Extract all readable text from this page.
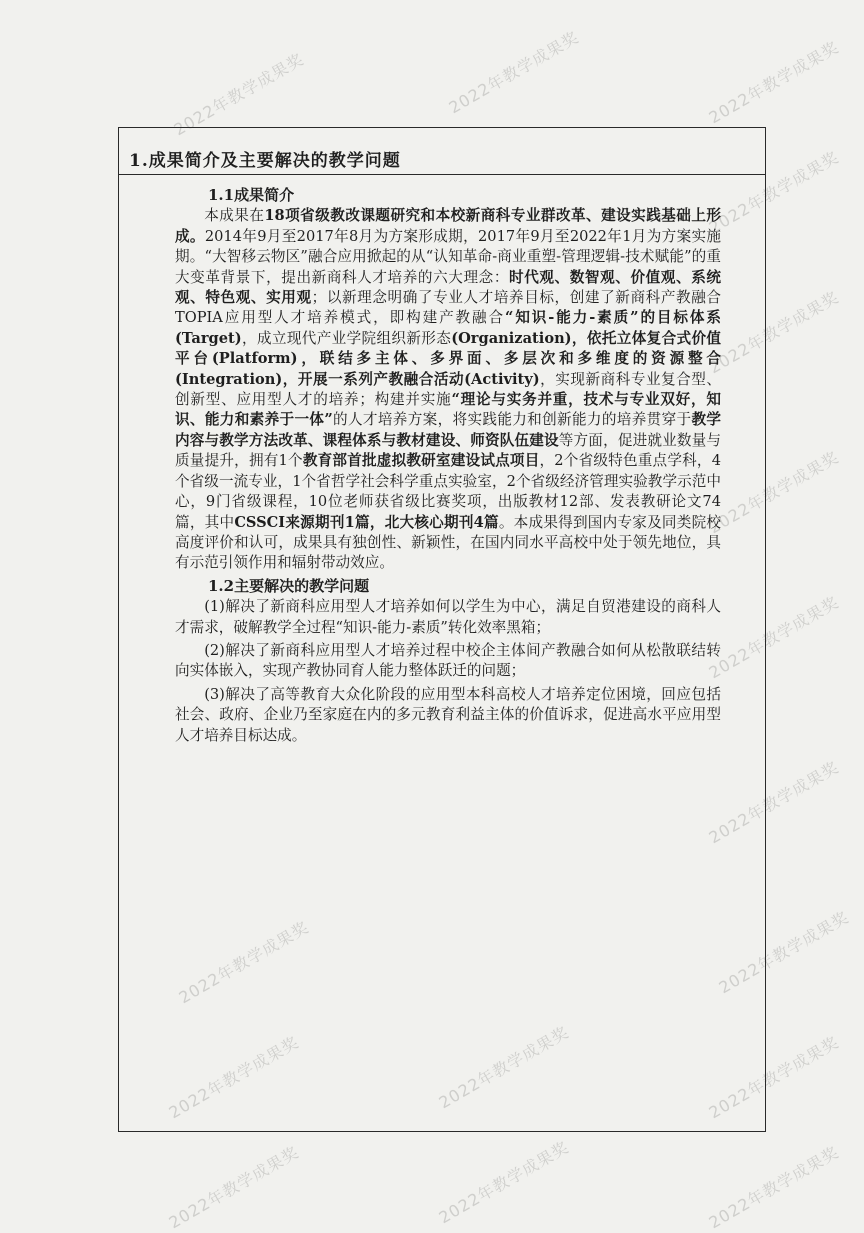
2022年教学成果奖	2022年教学成果奖	2022年教学成果奖
2022年教学成果奖
2022年教学成果奖
2022年教学成果奖
2022年教学成果奖
2022年教学成果奖
2022年教学成果奖	2022年教学成果奖
2022年教学成果奖	2022年教学成果奖	2022年教学成果奖
2022年教学成果奖	2022年教学成果奖	2022年教学成果奖
1.成果简介及主要解决的教学问题
1.1成果简介

本成果在18项省级教改课题研究和本校新商科专业群改革、建设实践基础上形成。2014年9月至2017年8月为方案形成期，2017年9月至2022年1月为方案实施期。“大智移云物区”融合应用掀起的从“认知革命-商业重塑-管理逻辑-技术赋能”的重大变革背景下，提出新商科人才培养的六大理念：时代观、数智观、价值观、系统观、特色观、实用观；以新理念明确了专业人才培养目标，创建了新商科产教融合 TOPIA应用型人才培养模式，即构建产教融合“知识-能力-素质”的目标体系(Target)，成立现代产业学院组织新形态(Organization)，依托立体复合式价值平台(Platform)，联结多主体、多界面、多层次和多维度的资源整合(Integration)，开展一系列产教融合活动(Activity)，实现新商科专业复合型、创新型、应用型人才的培养；构建并实施“理论与实务并重，技术与专业双好，知识、能力和素养于一体”的人才培养方案，将实践能力和创新能力的培养贯穿于教学内容与教学方法改革、课程体系与教材建设、师资队伍建设等方面，促进就业数量与质量提升，拥有1个教育部首批虚拟教研室建设试点项目，2个省级特色重点学科，4个省级一流专业，1个省哲学社会科学重点实验室，2个省级经济管理实验教学示范中心，9门省级课程，10位老师获省级比赛奖项，出版教材12部、发表教研论文74篇，其中CSSCI来源期刊1篇，北大核心期刊4篇。本成果得到国内专家及同类院校高度评价和认可，成果具有独创性、新颖性，在国内同水平高校中处于领先地位，具有示范引领作用和辐射带动效应。

1.2主要解决的教学问题

(1)解决了新商科应用型人才培养如何以学生为中心，满足自贸港建设的商科人才需求，破解教学全过程“知识-能力-素质”转化效率黑箱；

(2)解决了新商科应用型人才培养过程中校企主体间产教融合如何从松散联结转向实体嵌入，实现产教协同育人能力整体跃迁的问题；

(3)解决了高等教育大众化阶段的应用型本科高校人才培养定位困境，回应包括社会、政府、企业乃至家庭在内的多元教育利益主体的价值诉求，促进高水平应用型人才培养目标达成。
